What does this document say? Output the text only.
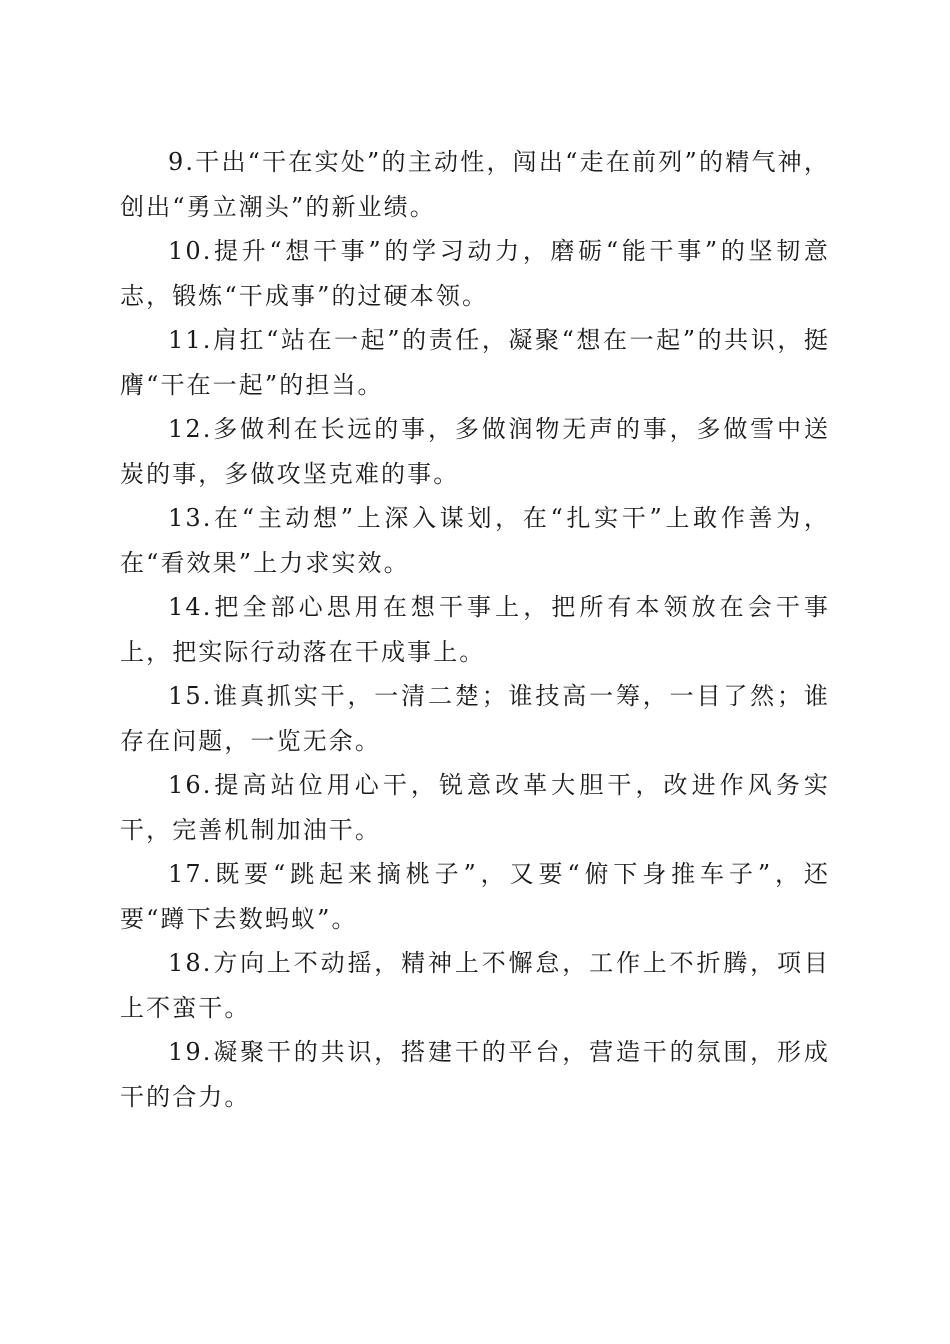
9.干出“干在实处”的主动性，闯出“走在前列”的精气神，创出“勇立潮头”的新业绩。

10.提升“想干事”的学习动力，磨砺“能干事”的坚韧意志，锻炼“干成事”的过硬本领。

11.肩扛“站在一起”的责任，凝聚“想在一起”的共识，挺膺“干在一起”的担当。

12.多做利在长远的事，多做润物无声的事，多做雪中送炭的事，多做攻坚克难的事。

13.在“主动想”上深入谋划，在“扎实干”上敢作善为，在“看效果”上力求实效。

14.把全部心思用在想干事上，把所有本领放在会干事上，把实际行动落在干成事上。

15.谁真抓实干，一清二楚；谁技高一筹，一目了然；谁存在问题，一览无余。

16.提高站位用心干，锐意改革大胆干，改进作风务实干，完善机制加油干。

17.既要“跳起来摘桃子”，又要“俯下身推车子”，还要“蹲下去数蚂蚁”。

18.方向上不动摇，精神上不懈怠，工作上不折腾，项目上不蛮干。

19.凝聚干的共识，搭建干的平台，营造干的氛围，形成干的合力。
